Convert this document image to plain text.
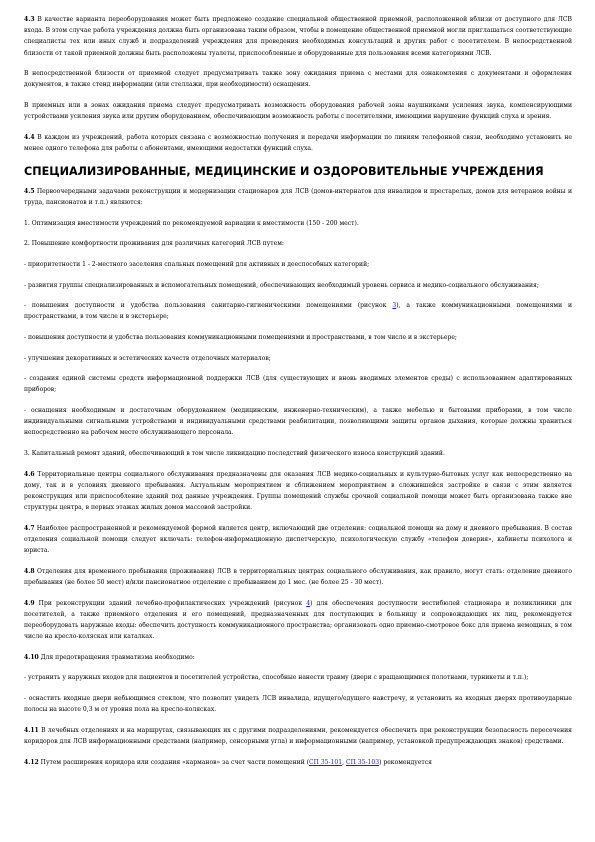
4.3 В качестве варианта переоборудования может быть предложено создание специальной общественной приемной, расположенной вблизи от доступного для ЛСВ входа. В этом случае работа учреждения должна быть организована таким образом, чтобы в помещение общественной приемной могли приглашаться соответствующие специалисты тех или иных служб и подразделений учреждения для проведения необходимых консультаций и других работ с посетителем. В непосредственной близости от такой приемной должны быть расположены туалеты, приспособленные и оборудованные для пользования всеми категориями ЛСВ.

В непосредственной близости от приемной следует предусматривать также зону ожидания приема с местами для ознакомления с документами и оформления документов, в также стенд информации (или стеллажи, при необходимости) оснащения.

В приемных или в зонах ожидания приема следует предусматривать возможность оборудования рабочей зоны наушниками усиления звука, компенсирующими устройствами усиления звука или другим оборудованием, обеспечивающим возможность работы с посетителями, имеющими нарушение функций слуха и зрения.

4.4 В каждом из учреждений, работа которых связана с возможностью получения и передачи информации по линиям телефонной связи, необходимо установить не менее одного телефона для работы с абонентами, имеющими недостатки функций слуха.

СПЕЦИАЛИЗИРОВАННЫЕ, МЕДИЦИНСКИЕ И ОЗДОРОВИТЕЛЬНЫЕ УЧРЕЖДЕНИЯ

4.5 Первоочередными задачами реконструкции и модернизации стационаров для ЛСВ (домов-интернатов для инвалидов и престарелых, домов для ветеранов войны и труда, пансионатов и т.п.) являются:

1. Оптимизация вместимости учреждений по рекомендуемой вариации к вместимости (150 - 200 мест).

2. Повышение комфортности проживания для различных категорий ЛСВ путем:

- приоритетности 1 - 2-местного заселения спальных помещений для активных и дееспособных категорий;

- развития группы специализированных и вспомогательных помещений, обеспечивающих необходимый уровень сервиса и медико-социального обслуживания;

- повышения доступности и удобства пользования санитарно-гигиеническими помещениями (рисунок 3), а также коммуникационными помещениями и пространствами, в том числе и в экстерьере;

- повышения доступности и удобства пользования коммуникационными помещениями и пространствами, в том числе и в экстерьере;

- улучшения декоративных и эстетических качеств отделочных материалов;

- создания единой системы средств информационной поддержки ЛСВ (для существующих и вновь вводимых элементов среды) с использованием адаптированных приборов;

- оснащения необходимым и достаточным оборудованием (медицинским, инженерно-техническим), а также мебелью и бытовыми приборами, в том числе индивидуальными сигнальными устройствами и индивидуальными средствами реабилитации, позволяющими защиты органов дыхания, которые должны храниться непосредственно на рабочем месте обслуживающего персонала.

3. Капитальный ремонт зданий, обеспечивающий в том числе ликвидацию последствий физического износа конструкций зданий.

4.6 Территориальные центры социального обслуживания предназначены для оказания ЛСВ медико-социальных и культурно-бытовых услуг как непосредственно на дому, так и в условиях дневного пребывания. Актуальным мероприятием и сближением мероприятием в сложившейся застройке в связи с этим является реконструкция или приспособление зданий под данные учреждения. Группы помещений службы срочной социальной помощи может быть организована также вне структуры центра, в первых этажах жилых домов массовой застройки.

4.7 Наиболее распространенной и рекомендуемой формой является центр, включающий две отделения: социальной помощи на дому и дневного пребывания. В состав отделения социальной помощи следует включать: телефон-информационную диспетчерскую, психологическую службу «телефон доверия», кабинеты психолога и юриста.

4.8 Отделения для временного пребывания (проживания) ЛСВ в территориальных центрах социального обслуживания, как правило, могут стать: отделение дневного пребывания (не более 50 мест) и/или пансионатное отделение с пребыванием до 1 мес. (не более 25 - 30 мест).

4.9 При реконструкции зданий лечебно-профилактических учреждений (рисунок 4) для обеспечения доступности вестибюлей стационара и поликлиники для посетителей, а также приемного отделения и его помещений, предназначенных для поступающих в больницу и сопровождающих их лиц, рекомендуется переоборудовать наружные входы: обеспечить доступность коммуникационного пространства; организовать одно приемно-смотровое бокс для приема немощных, в том числе на кресло-колясках или каталках.

4.10 Для предотвращения травматизма необходимо:

- устранить у наружных входов для пациентов и посетителей устройства, способные нанести травму (двери с вращающимися полотнами, турникеты и т.п.);

- оснастить входные двери небьющимся стеклом, что позволит увидеть ЛСВ инвалида, идущего/едущего навстречу, и установить на входных дверях противоударные полосы на высоте 0,3 м от уровня пола на кресло-колясках.

4.11 В лечебных отделениях и на маршрутах, связывающих их с другими подразделениями, рекомендуется обеспечить при реконструкции безопасность пересечения коридоров для ЛСВ информационными средствами (например, сенсорными угла) и информационными (например, установкой предупреждающих знаков) средствами.

4.12 Путем расширения коридора или создания «карманов» за счет части помещений (СП 35-101, СП 35-103) рекомендуется
